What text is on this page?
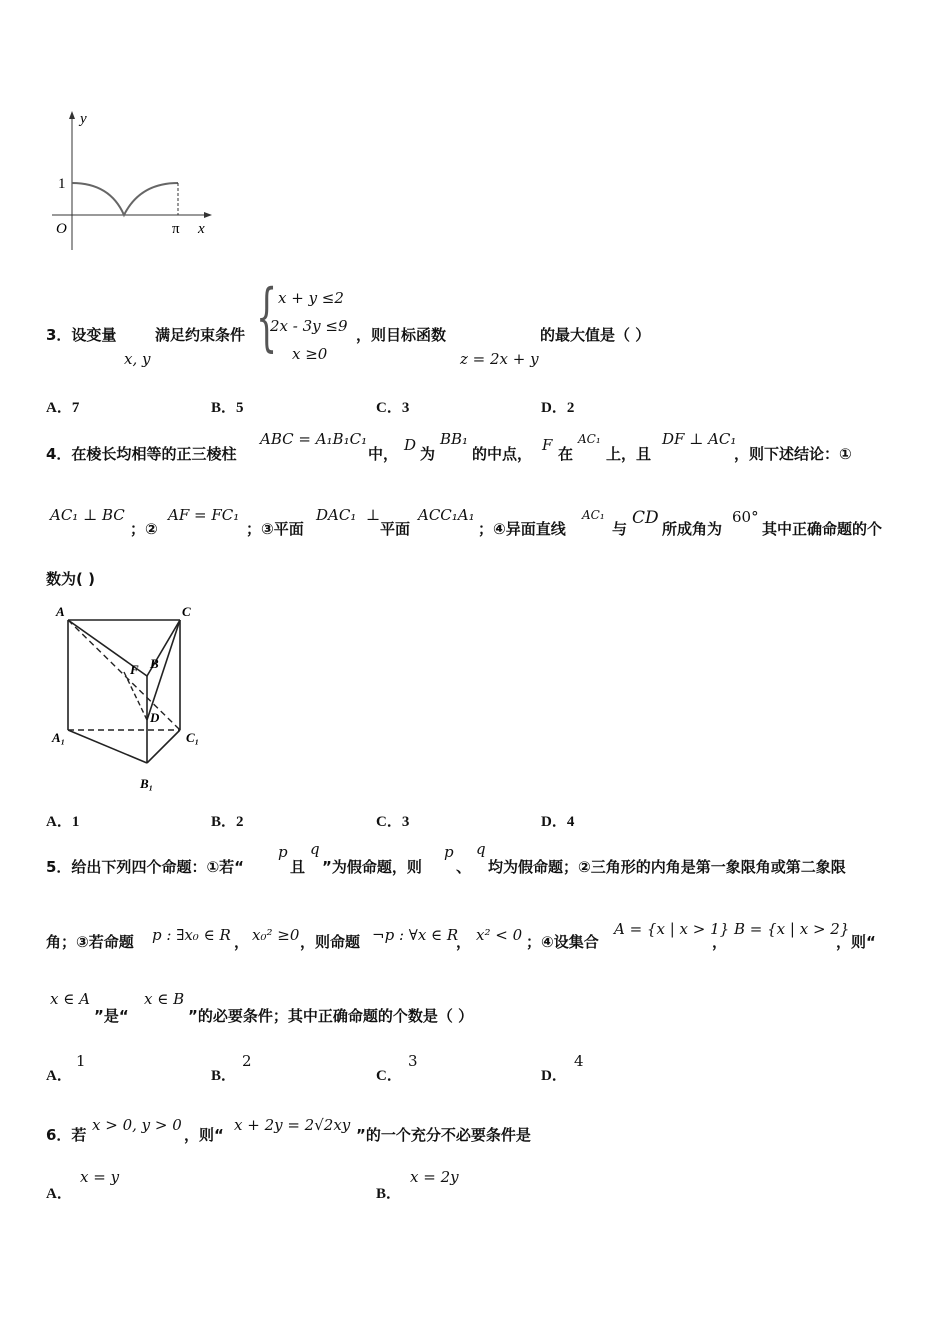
y
x
O
1
π
3．设变量
x, y
满足约束条件 { x + y ≤2
2x - 3y ≤9
x ≥0
，则目标函数
z = 2x + y
的最大值是（ ）
A．7	B．5	C．3	D．2
4．在棱长均相等的正三棱柱
ABC = A₁B₁C₁
中， D 为
BB₁
的中点， F 在
AC₁
上，且
DF ⊥ AC₁
，则下述结论：①
AC₁ ⊥ BC
；②
AF = FC₁
；③平面
DAC₁ ⊥
平面
ACC₁A₁
；④异面直线
AC₁
与
CD
所成角为
60°
其中正确命题的个
数为( )
A	C
B
F
D
A₁	C₁
B₁
A．1	B．2	C．3	D．4
5．给出下列四个命题：①若“
p
且
q
”为假命题，则
p
、
q
均为假命题；②三角形的内角是第一象限角或第二象限
角；③若命题 p : ∃x₀ ∈ R ， x₀² ≥0 ，则命题 ¬p : ∀x ∈ R
， x² < 0 ；④设集合
A = {x | x > 1}
，
B = {x | x > 2}
，则“
x ∈ A
”是“
x ∈ B
”的必要条件；其中正确命题的个数是（ ）
A．
1
B．
2
C．
3
D．
4
6．若
x > 0, y > 0
，则“
x + 2y = 2√2xy
”的一个充分不必要条件是
A．
x = y
B．
x = 2y
